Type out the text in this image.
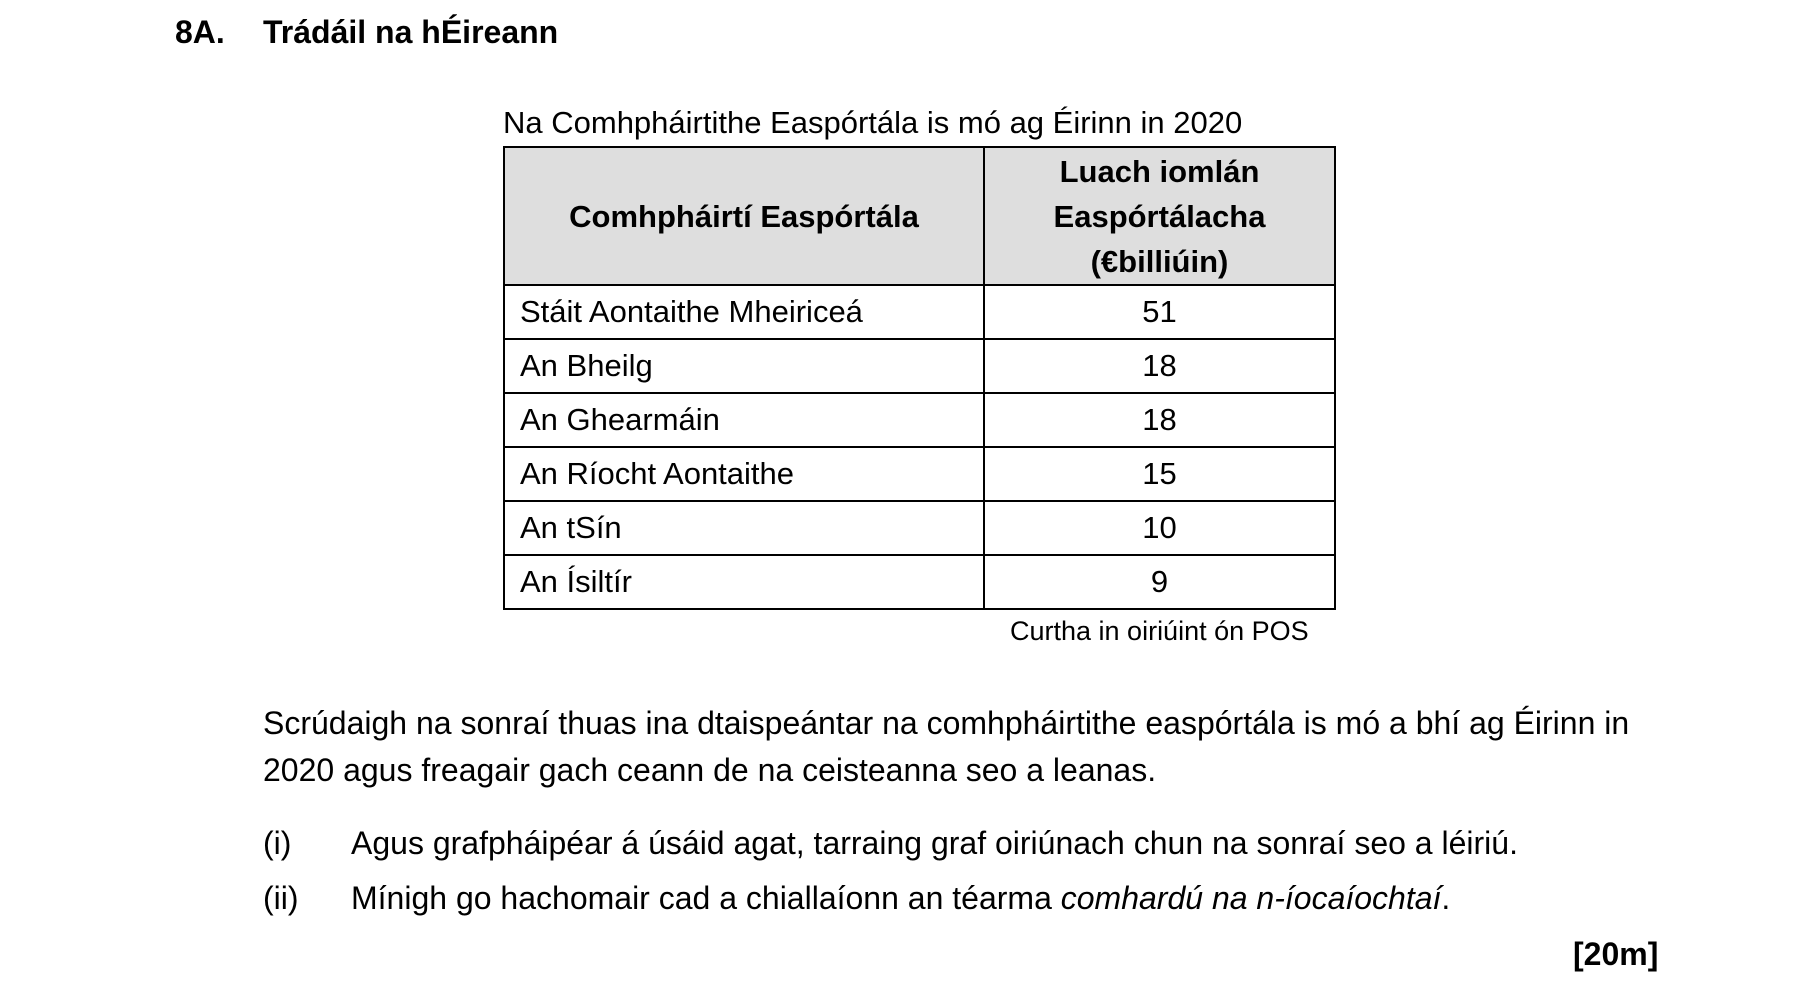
8A. Trádáil na hÉireann
Na Comhpháirtithe Easpórtála is mó ag Éirinn in 2020
Comhpháirtí Easpórtála	Luach iomlán
Easpórtálacha
(€billiúin)

Stáit Aontaithe Mheiriceá	51
An Bheilg	18
An Ghearmáin	18
An Ríocht Aontaithe	15
An tSín	10
An Ísiltír	9
Curtha in oiriúint ón POS
Scrúdaigh na sonraí thuas ina dtaispeántar na comhpháirtithe easpórtála is mó a bhí ag Éirinn in 2020 agus freagair gach ceann de na ceisteanna seo a leanas.
(i) Agus grafpháipéar á úsáid agat, tarraing graf oiriúnach chun na sonraí seo a léiriú.
(ii) Mínigh go hachomair cad a chiallaíonn an téarma comhardú na n-íocaíochtaí.
[20m]
